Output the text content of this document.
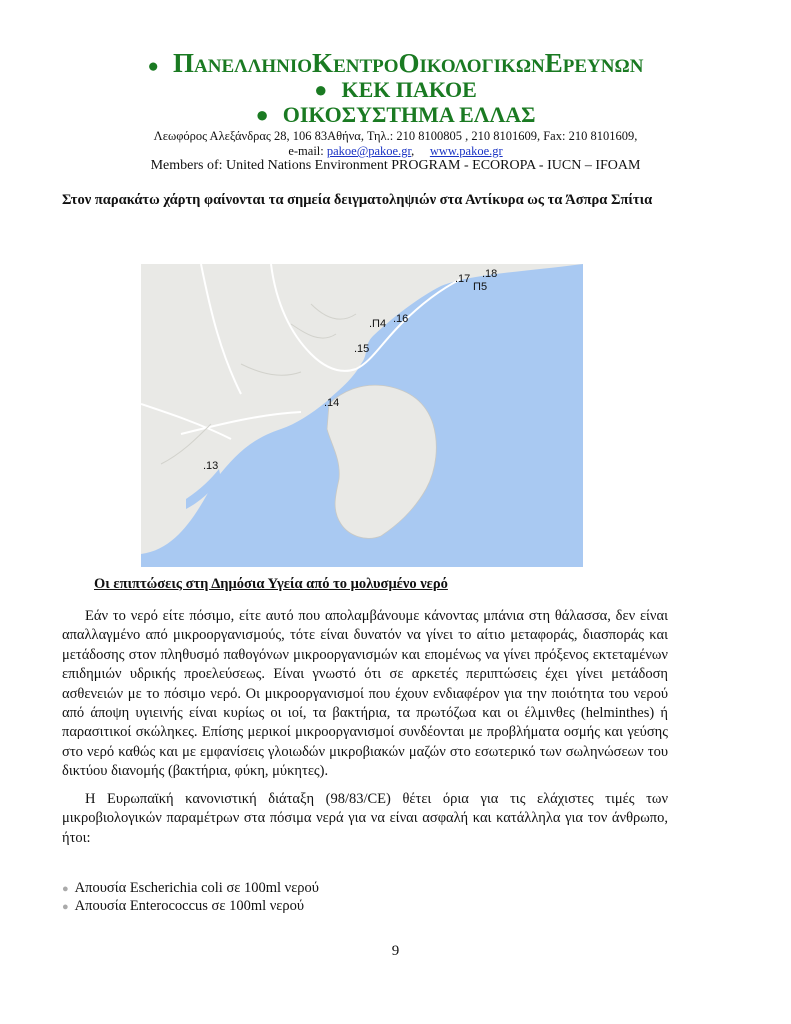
● ΠΑΝΕΛΛΗΝΙΟΚΕΝΤΡΟΟΙΚΟΛΟΓΙΚΩΝΕΡΕΥΝΩΝ
● ΚΕΚ ΠΑΚΟΕ
● ΟΙΚΟΣΥΣΤΗΜΑ ΕΛΛΑΣ
Λεωφόρος Αλεξάνδρας 28, 106 83Αθήνα, Τηλ.: 210 8100805 , 210 8101609, Fax: 210 8101609,
e-mail: pakoe@pakoe.gr, www.pakoe.gr
Members of: United Nations Environment PROGRAM - ECOROPA - IUCN – IFOAM
Στον παρακάτω χάρτη φαίνονται τα σημεία δειγματοληψιών στα Αντίκυρα ως τα Άσπρα Σπίτια
.17 .18
Π5
.Π4 .16
.15
.14
.13
Οι επιπτώσεις στη Δημόσια Υγεία από το μολυσμένο νερό

Εάν το νερό είτε πόσιμο, είτε αυτό που απολαμβάνουμε κάνοντας μπάνια στη θάλασσα, δεν είναι απαλλαγμένο από μικροοργανισμούς, τότε είναι δυνατόν να γίνει το αίτιο μεταφοράς, διασποράς και μετάδοσης στον πληθυσμό παθογόνων μικροοργανισμών και επομένως να γίνει πρόξενος εκτεταμένων επιδημιών υδρικής προελεύσεως. Είναι γνωστό ότι σε αρκετές περιπτώσεις έχει γίνει μετάδοση ασθενειών με το πόσιμο νερό. Οι μικροοργανισμοί που έχουν ενδιαφέρον για την ποιότητα του νερού από άποψη υγιεινής είναι κυρίως οι ιοί, τα βακτήρια, τα πρωτόζωα και οι έλμινθες (helminthes) ή παρασιτικοί σκώληκες. Επίσης μερικοί μικροοργανισμοί συνδέονται με προβλήματα οσμής και γεύσης στο νερό καθώς και με εμφανίσεις γλοιωδών μικροβιακών μαζών στο εσωτερικό των σωληνώσεων του δικτύου διανομής (βακτήρια, φύκη, μύκητες).

Η Ευρωπαϊκή κανονιστική διάταξη (98/83/CE) θέτει όρια για τις ελάχιστες τιμές των μικροβιολογικών παραμέτρων στα πόσιμα νερά για να είναι ασφαλή και κατάλληλα για τον άνθρωπο, ήτοι:

● Απουσία Escherichia coli σε 100ml νερού
● Απουσία Enterococcus σε 100ml νερού
9
